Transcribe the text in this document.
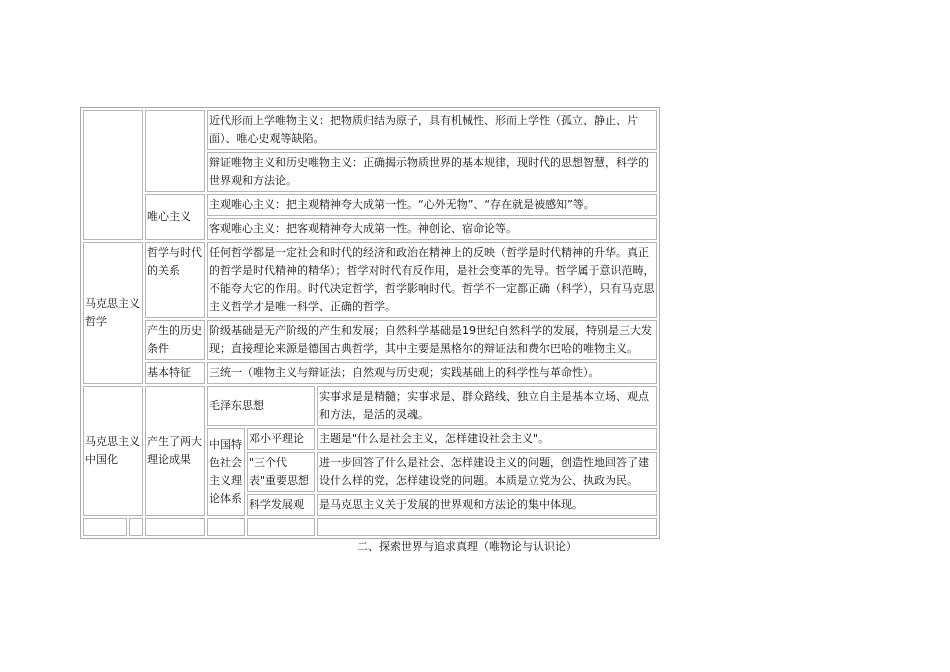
			近代形而上学唯物主义：把物质归结为原子，具有机械性、形而上学性（孤立、静止、片面）、唯心史观等缺陷。		
			辩证唯物主义和历史唯物主义：正确揭示物质世界的基本规律，现时代的思想智慧，科学的世界观和方法论。		
		唯心主义	主观唯心主义：把主观精神夸大成第一性。“心外无物”、“存在就是被感知”等。		
			客观唯心主义：把客观精神夸大成第一性。神创论、宿命论等。		
马克思主义哲学		哲学与时代的关系	任何哲学都是一定社会和时代的经济和政治在精神上的反映（哲学是时代精神的升华。真正的哲学是时代精神的精华）；哲学对时代有反作用，是社会变革的先导。哲学属于意识范畴，不能夸大它的作用。时代决定哲学，哲学影响时代。哲学不一定都正确（科学），只有马克思主义哲学才是唯一科学、正确的哲学。		
		产生的历史条件	阶级基础是无产阶级的产生和发展；自然科学基础是19世纪自然科学的发展，特别是三大发现；直接理论来源是德国古典哲学，其中主要是黑格尔的辩证法和费尔巴哈的唯物主义。		
		基本特征	三统一（唯物主义与辩证法；自然观与历史观；实践基础上的科学性与革命性）。		
马克思主义中国化		产生了两大理论成果	毛泽东思想		实事求是是精髓；实事求是、群众路线、独立自主是基本立场、观点和方法，是活的灵魂。
			中国特色社会主义理论体系	邓小平理论	主题是"什么是社会主义，怎样建设社会主义"。
				"三个代表"重要思想	进一步回答了什么是社会、怎样建设主义的问题，创造性地回答了建设什么样的党，怎样建设党的问题。本质是立党为公、执政为民。
				科学发展观	是马克思主义关于发展的世界观和方法论的集中体现。

二、探索世界与追求真理（唯物论与认识论）
